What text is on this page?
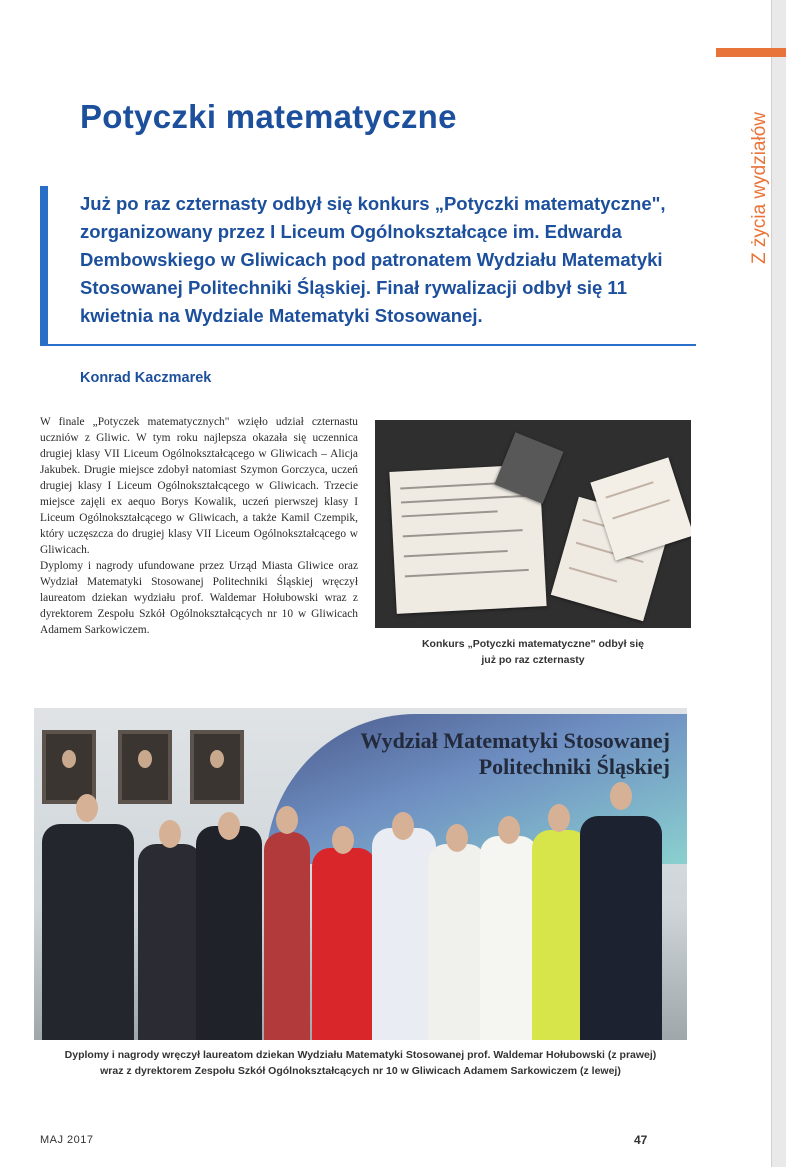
Z życia wydziałów
Potyczki matematyczne

Już po raz czternasty odbył się konkurs „Potyczki matematyczne", zorganizowany przez I Liceum Ogólnokształcące im. Edwarda Dembowskiego w Gliwicach pod patronatem Wydziału Matematyki Stosowanej Politechniki Śląskiej. Finał rywalizacji odbył się 11 kwietnia na Wydziale Matematyki Stosowanej.

Konrad Kaczmarek

W finale „Potyczek matematycznych" wzięło udział czternastu uczniów z Gliwic. W tym roku najlepsza okazała się uczennica drugiej klasy VII Liceum Ogólnokształcącego w Gliwicach – Alicja Jakubek. Drugie miejsce zdobył natomiast Szymon Gorczyca, uczeń drugiej klasy I Liceum Ogólnokształcącego w Gliwicach. Trzecie miejsce zajęli ex aequo Borys Kowalik, uczeń pierwszej klasy I Liceum Ogólnokształcącego w Gliwicach, a także Kamil Czempik, który uczęszcza do drugiej klasy VII Liceum Ogólnokształcącego w Gliwicach.

Dyplomy i nagrody ufundowane przez Urząd Miasta Gliwice oraz Wydział Matematyki Stosowanej Politechniki Śląskiej wręczył laureatom dziekan wydziału prof. Waldemar Hołubowski wraz z dyrektorem Zespołu Szkół Ogólnokształcących nr 10 w Gliwicach Adamem Sarkowiczem.

Konkurs „Potyczki matematyczne" odbył się
już po raz czternasty

Wydział Matematyki Stosowanej
Politechniki Śląskiej

Dyplomy i nagrody wręczył laureatom dziekan Wydziału Matematyki Stosowanej prof. Waldemar Hołubowski (z prawej)
wraz z dyrektorem Zespołu Szkół Ogólnokształcących nr 10 w Gliwicach Adamem Sarkowiczem (z lewej)

MAJ 2017	47
